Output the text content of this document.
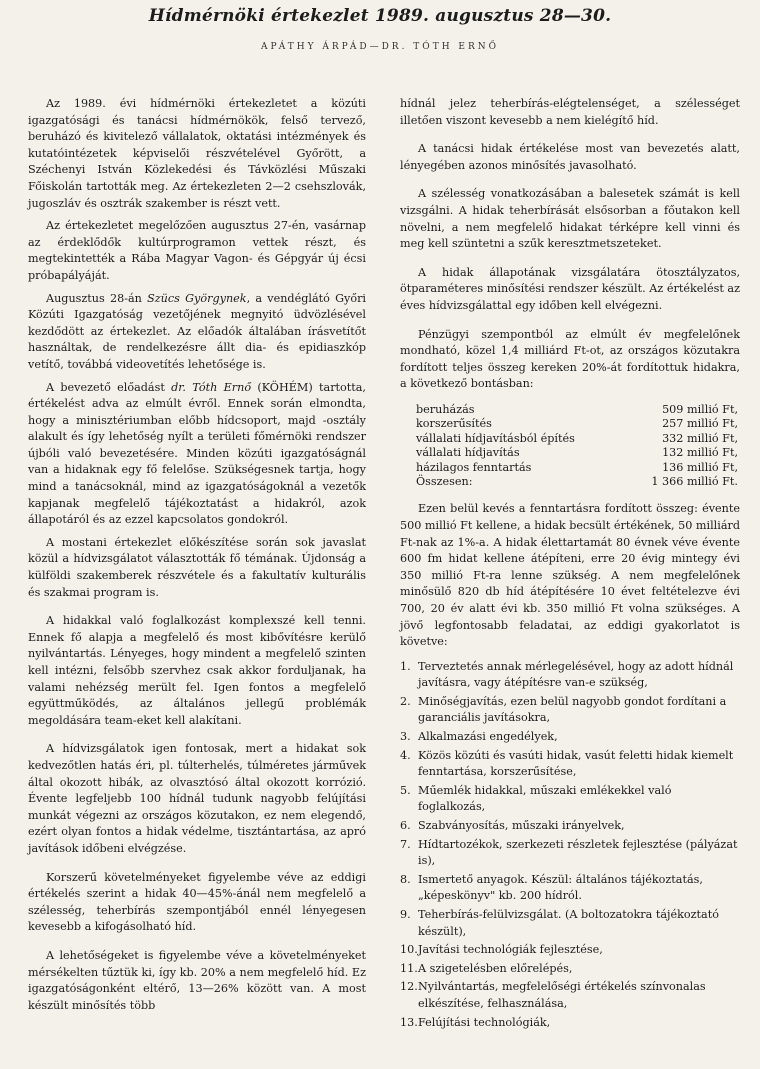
Hídmérnöki értekezlet 1989. augusztus 28—30.
APÁTHY ÁRPÁD—DR. TÓTH ERNŐ

Az 1989. évi hídmérnöki értekezletet a közúti igazgatósági és tanácsi hídmérnökök, felső tervező, beruházó és kivitelező vállalatok, oktatási intézmények és kutatóintézetek képviselői részvételével Győrött, a Széchenyi István Közlekedési és Távközlési Műszaki Főiskolán tartották meg. Az értekezleten 2—2 csehszlovák, jugoszláv és osztrák szakember is részt vett.

Az értekezletet megelőzően augusztus 27-én, vasárnap az érdeklődők kultúrprogramon vettek részt, és megtekintették a Rába Magyar Vagon- és Gépgyár új écsi próbapályáját.

Augusztus 28-án Szücs Györgynek, a vendéglátó Győri Közúti Igazgatóság vezetőjének megnyitó üdvözlésével kezdődött az értekezlet. Az előadók általában írásvetítőt használtak, de rendelkezésre állt dia- és epidiaszkóp vetítő, továbbá videovetítés lehetősége is.

A bevezető előadást dr. Tóth Ernő (KÖHÉM) tartotta, értékelést adva az elmúlt évről. Ennek során elmondta, hogy a minisztériumban előbb hídcsoport, majd -osztály alakult és így lehetőség nyílt a területi főmérnöki rendszer újbóli való bevezetésére. Minden közúti igazgatóságnál van a hidaknak egy fő felelőse. Szükségesnek tartja, hogy mind a tanácsoknál, mind az igazgatóságoknál a vezetők kapjanak megfelelő tájékoztatást a hidakról, azok állapotáról és az ezzel kapcsolatos gondokról.

A mostani értekezlet előkészítése során sok javaslat közül a hídvizsgálatot választották fő témának. Újdonság a külföldi szakemberek részvétele és a fakultatív kulturális és szakmai program is.

A hidakkal való foglalkozást komplexszé kell tenni. Ennek fő alapja a megfelelő és most kibővítésre kerülő nyilvántartás. Lényeges, hogy mindent a megfelelő szinten kell intézni, felsőbb szervhez csak akkor forduljanak, ha valami nehézség merült fel. Igen fontos a megfelelő együttműködés, az általános jellegű problémák megoldására team-eket kell alakítani.

A hídvizsgálatok igen fontosak, mert a hidakat sok kedvezőtlen hatás éri, pl. túlterhelés, túlméretes járművek által okozott hibák, az olvasztósó által okozott korrózió. Évente legfeljebb 100 hídnál tudunk nagyobb felújítási munkát végezni az országos közutakon, ez nem elegendő, ezért olyan fontos a hidak védelme, tisztántartása, az apró javítások időbeni elvégzése.

Korszerű követelményeket figyelembe véve az eddigi értékelés szerint a hidak 40—45%-ánál nem megfelelő a szélesség, teherbírás szempontjából ennél lényegesen kevesebb a kifogásolható híd.

A lehetőségeket is figyelembe véve a követelményeket mérsékelten tűztük ki, így kb. 20% a nem megfelelő híd. Ez igazgatóságonként eltérő, 13—26% között van. A most készült minősítés több

hídnál jelez teherbírás-elégtelenséget, a szélességet illetően viszont kevesebb a nem kielégítő híd.

A tanácsi hidak értékelése most van bevezetés alatt, lényegében azonos minősítés javasolható.

A szélesség vonatkozásában a balesetek számát is kell vizsgálni. A hidak teherbírását elsősorban a főutakon kell növelni, a nem megfelelő hidakat térképre kell vinni és meg kell szüntetni a szűk keresztmetszeteket.

A hidak állapotának vizsgálatára ötosztályzatos, ötparaméteres minősítési rendszer készült. Az értékelést az éves hídvizsgálattal egy időben kell elvégezni.

Pénzügyi szempontból az elmúlt év megfelelőnek mondható, közel 1,4 milliárd Ft-ot, az országos közutakra fordított teljes összeg kereken 20%-át fordítottuk hidakra, a következő bontásban:

beruházás	509 millió Ft,
korszerűsítés	257 millió Ft,
vállalati hídjavításból építés	332 millió Ft,
vállalati hídjavítás	132 millió Ft,
házilagos fenntartás	136 millió Ft,
Összesen:	1 366 millió Ft.

Ezen belül kevés a fenntartásra fordított összeg: évente 500 millió Ft kellene, a hidak becsült értékének, 50 milliárd Ft-nak az 1%-a. A hidak élettartamát 80 évnek véve évente 600 fm hidat kellene átépíteni, erre 20 évig mintegy évi 350 millió Ft-ra lenne szükség. A nem megfelelőnek minősülő 820 db híd átépítésére 10 évet feltételezve évi 700, 20 év alatt évi kb. 350 millió Ft volna szükséges. A jövő legfontosabb feladatai, az eddigi gyakorlatot is követve:

1. Terveztetés annak mérlegelésével, hogy az adott hídnál javításra, vagy átépítésre van-e szükség,
2. Minőségjavítás, ezen belül nagyobb gondot fordítani a garanciális javításokra,
3. Alkalmazási engedélyek,
4. Közös közúti és vasúti hidak, vasút feletti hidak kiemelt fenntartása, korszerűsítése,
5. Műemlék hidakkal, műszaki emlékekkel való foglalkozás,
6. Szabványosítás, műszaki irányelvek,
7. Hídtartozékok, szerkezeti részletek fejlesztése (pályázat is),
8. Ismertető anyagok. Készül: általános tájékoztatás, „képeskönyv" kb. 200 hídról.
9. Teherbírás-felülvizsgálat. (A boltozatokra tájékoztató készült),
10. Javítási technológiák fejlesztése,
11. A szigetelésben előrelépés,
12. Nyilvántartás, megfelelőségi értékelés színvonalas elkészítése, felhasználása,
13. Felújítási technológiák,
